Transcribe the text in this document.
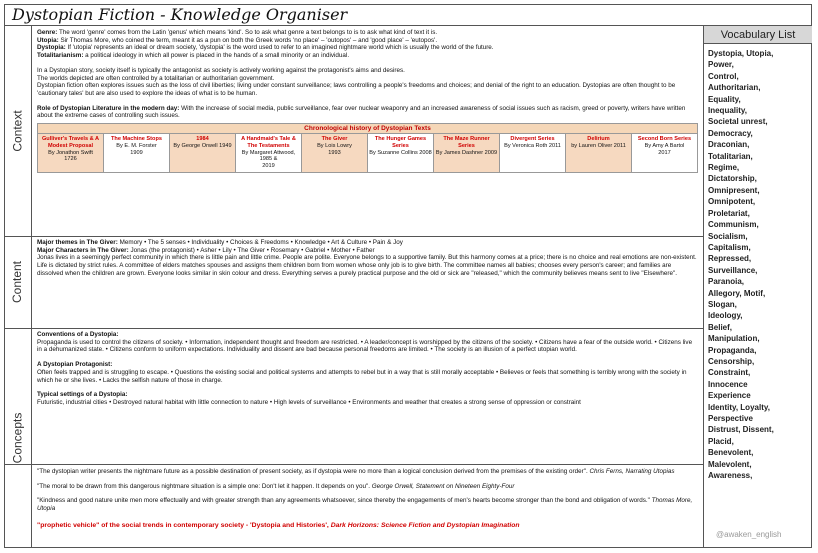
Dystopian Fiction - Knowledge Organiser
Context

Genre: The word 'genre' comes from the Latin 'genus' which means 'kind'. So to ask what genre a text belongs to is to ask what kind of text it is.

Utopia: Sir Thomas More, who coined the term, meant it as a pun on both the Greek words 'no place' – 'outopos' – and 'good place' – 'eutopos'.

Dystopia: If 'utopia' represents an ideal or dream society, 'dystopia' is the word used to refer to an imagined nightmare world which is usually the world of the future.

Totalitarianism: a political ideology in which all power is placed in the hands of a small minority or an individual.

In a Dystopian story, society itself is typically the antagonist as society is actively working against the protagonist's aims and desires.

The worlds depicted are often controlled by a totalitarian or authoritarian government.

Dystopian fiction often explores issues such as the loss of civil liberties; living under constant surveillance; laws controlling a people's freedoms and choices; and denial of the right to an education. Dystopias are often thought to be 'cautionary tales' but are also used to explore the ideas of what is to be human.

Role of Dystopian Literature in the modern day: With the increase of social media, public surveillance, fear over nuclear weaponry and an increased awareness of social issues such as racism, greed or poverty, writers have written about the extreme cases of controlling such issues.

Chronological history of Dystopian Texts
Gulliver's Travels & A Modest Proposal
By Jonathon Swift
1726
The Machine Stops
By E. M. Forster
1909
1984
By George Orwell 1949
A Handmaid's Tale & The Testaments
By Margaret Attwood, 1985 &
2019
The Giver
By Lois Lowry
1993
The Hunger Games Series
By Suzanne Collins 2008
The Maze Runner Series
By James Dashner 2009
Divergent Series
By Veronica Roth 2011
Delirium
by Lauren Oliver 2011
Second Born Series
By Amy A Bartol
2017
Content

Major themes in The Giver: Memory • The 5 senses • Individuality • Choices & Freedoms • Knowledge • Art & Culture • Pain & Joy

Major Characters in The Giver: Jonas (the protagonist) • Asher • Lily • The Giver • Rosemary • Gabriel • Mother • Father

Jonas lives in a seemingly perfect community in which there is little pain and little crime. People are polite. Everyone belongs to a supportive family. But this harmony comes at a price; there is no choice and real emotions are non-existent. Life is dictated by strict rules. A committee of elders matches spouses and assigns them children born from women whose only job is to give birth. The committee names all babies; chooses every person's career; and families are dissolved when the children are grown. Everyone looks similar in skin colour and dress. Everything serves a purely practical purpose and the old or sick are "released," which the community believes means sent to live "Elsewhere".

Concepts

Conventions of a Dystopia:

Propaganda is used to control the citizens of society. • Information, independent thought and freedom are restricted. • A leader/concept is worshipped by the citizens of the society. • Citizens have a fear of the outside world. • Citizens live in a dehumanized state. • Citizens conform to uniform expectations. Individuality and dissent are bad because personal freedoms are limited. • The society is an illusion of a perfect utopian world.

A Dystopian Protagonist:

Often feels trapped and is struggling to escape. • Questions the existing social and political systems and attempts to rebel but in a way that is still morally acceptable • Believes or feels that something is terribly wrong with the society in which he or she lives. • Lacks the selfish nature of those in charge.

Typical settings of a Dystopia:

Futuristic, industrial cities • Destroyed natural habitat with little connection to nature • High levels of surveillance • Environments and weather that creates a strong sense of oppression or constraint

"The dystopian writer presents the nightmare future as a possible destination of present society, as if dystopia were no more than a logical conclusion derived from the premises of the existing order". Chris Ferns, Narrating Utopias

"The moral to be drawn from this dangerous nightmare situation is a simple one: Don't let it happen. It depends on you". George Orwell, Statement on Nineteen Eighty-Four

"Kindness and good nature unite men more effectually and with greater strength than any agreements whatsoever, since thereby the engagements of men's hearts become stronger than the bond and obligation of words." Thomas More, Utopia

"prophetic vehicle" of the social trends in contemporary society - 'Dystopia and Histories', Dark Horizons: Science Fiction and Dystopian Imagination

Vocabulary List
Dystopia, Utopia,
Power,
Control,
Authoritarian,
Equality,
Inequality,
Societal unrest,
Democracy,
Draconian,
Totalitarian,
Regime,
Dictatorship,
Omnipresent,
Omnipotent,
Proletariat,
Communism,
Socialism,
Capitalism,
Repressed,
Surveillance,
Paranoia,
Allegory, Motif,
Slogan,
Ideology,
Belief,
Manipulation,
Propaganda,
Censorship,
Constraint,
Innocence
Experience
Identity, Loyalty,
Perspective
Distrust, Dissent,
Placid,
Benevolent,
Malevolent,
Awareness,
@awaken_english
